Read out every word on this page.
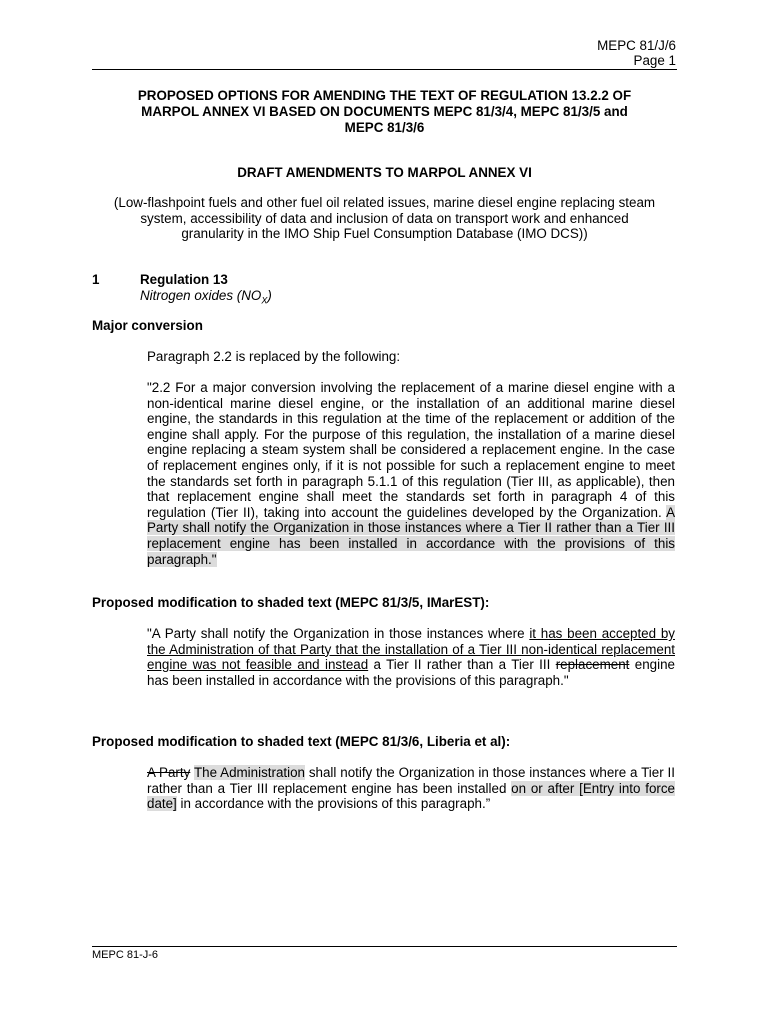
MEPC 81/J/6
Page 1
PROPOSED OPTIONS FOR AMENDING THE TEXT OF REGULATION 13.2.2 OF
MARPOL ANNEX VI BASED ON DOCUMENTS MEPC 81/3/4, MEPC 81/3/5 and
MEPC 81/3/6
DRAFT AMENDMENTS TO MARPOL ANNEX VI
(Low-flashpoint fuels and other fuel oil related issues, marine diesel engine replacing steam
system, accessibility of data and inclusion of data on transport work and enhanced
granularity in the IMO Ship Fuel Consumption Database (IMO DCS))
1	Regulation 13
Nitrogen oxides $(NO_X)$
Major conversion
Paragraph 2.2 is replaced by the following:
"2.2 For a major conversion involving the replacement of a marine diesel engine with a non-identical marine diesel engine, or the installation of an additional marine diesel engine, the standards in this regulation at the time of the replacement or addition of the engine shall apply. For the purpose of this regulation, the installation of a marine diesel engine replacing a steam system shall be considered a replacement engine. In the case of replacement engines only, if it is not possible for such a replacement engine to meet the standards set forth in paragraph 5.1.1 of this regulation (Tier III, as applicable), then that replacement engine shall meet the standards set forth in paragraph 4 of this regulation (Tier II), taking into account the guidelines developed by the Organization. A Party shall notify the Organization in those instances where a Tier II rather than a Tier III replacement engine has been installed in accordance with the provisions of this paragraph."
Proposed modification to shaded text (MEPC 81/3/5, IMarEST):
"A Party shall notify the Organization in those instances where it has been accepted by the Administration of that Party that the installation of a Tier III non-identical replacement engine was not feasible and instead a Tier II rather than a Tier III replacement engine has been installed in accordance with the provisions of this paragraph."
Proposed modification to shaded text (MEPC 81/3/6, Liberia et al):
A Party The Administration shall notify the Organization in those instances where a Tier II rather than a Tier III replacement engine has been installed on or after [Entry into force date] in accordance with the provisions of this paragraph.”
MEPC 81-J-6
